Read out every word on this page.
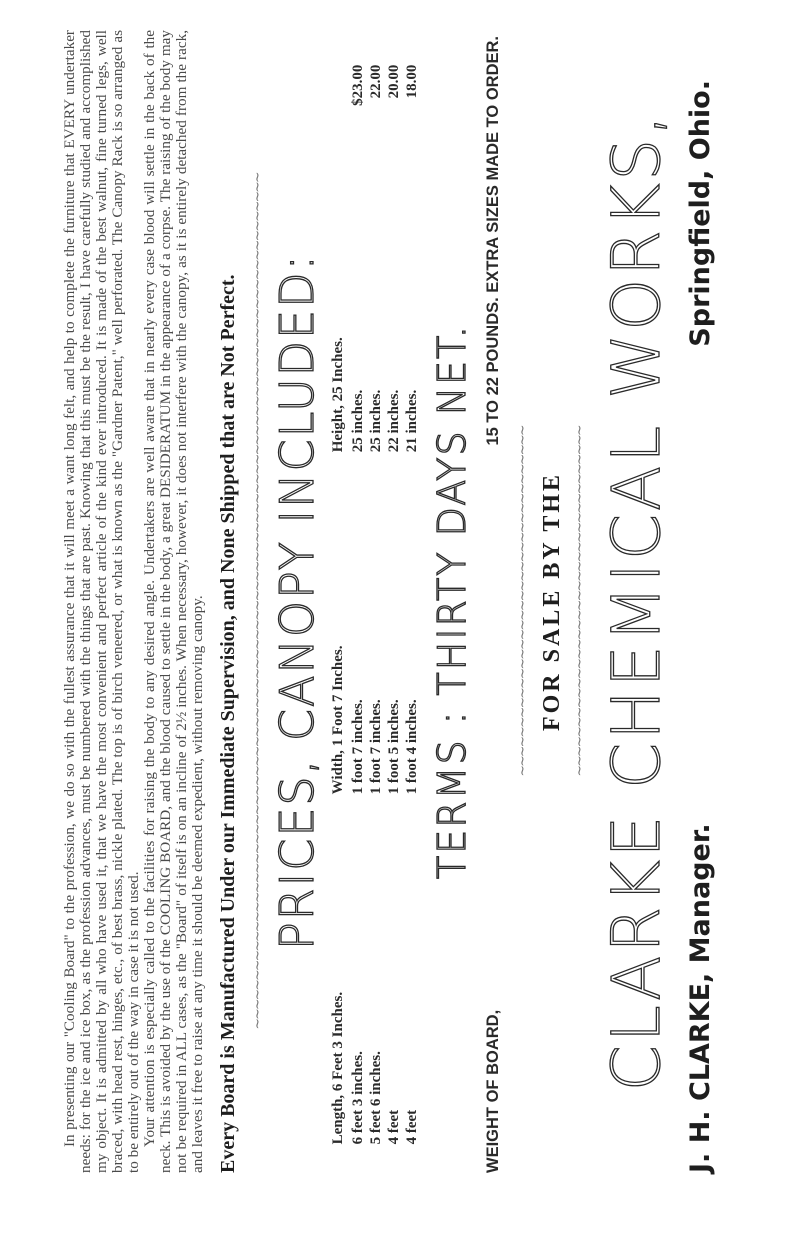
In presenting our "Cooling Board" to the profession, we do so with the fullest assurance that it will meet a want long felt, and help to complete the furniture that EVERY undertaker needs: for the ice and ice box, as the profession advances, must be numbered with the things that are past. Knowing that this must be the result, I have carefully studied and accomplished my object. It is admitted by all who have used it, that we have the most convenient and perfect article of the kind ever introduced. It is made of the best walnut, fine turned legs, well braced, with head rest, hinges, etc., of best brass, nickle plated. The top is of birch veneered, or what is known as the "Gardner Patent," well perforated. The Canopy Rack is so arranged as to be entirely out of the way in case it is not used. Your attention is especially called to the facilities for raising the body to any desired angle. Undertakers are well aware that in nearly every case blood will settle in the back of the neck. This is avoided by the use of the COOLING BOARD, and the blood caused to settle in the body, a great DESIDERATUM in the appearance of a corpse. The raising of the body may not be required in ALL cases, as the "Board" of itself is on an incline of 2½ inches. When necessary, however, it does not interfere with the canopy, as it is entirely detached from the rack, and leaves it free to raise at any time it should be deemed expedient, without removing canopy. Every Board is Manufactured Under our Immediate Supervision, and None Shipped that are Not Perfect. ~~~~~~~~~~~~~~~~~~~~~~~~~~~~~~~~~~~~~~~~~~~~~~~~~~~~~~~~~~~~~~~~~~~~~~~~~~~~~~~~~~~~~~~~ PRICES, CANOPY INCLUDED:
Length, 6 Feet 3 Inches.	Width, 1 Foot 7 Inches.	Height, 25 Inches.	
6 feet 3 inches.	1 foot 7 inches.	25 inches.	$23.00
5 feet 6 inches.	1 foot 7 inches.	25 inches.	22.00
4 feet	1 foot 5 inches.	22 inches.	20.00
4 feet	1 foot 4 inches.	21 inches.	18.00
TERMS : THIRTY DAYS NET.
WEIGHT OF BOARD,
15 TO 22 POUNDS. EXTRA SIZES MADE TO ORDER.
~~~~~~~~~~~~~~~~~~~~~~~~~~~~~~~~~~~~ FOR SALE BY THE ~~~~~~~~~~~~~~~~~~~~~~~~~~~~~~~~~~~~ CLARKE CHEMICAL WORKS, J. H. CLARKE, Manager.
Springfield, Ohio.
